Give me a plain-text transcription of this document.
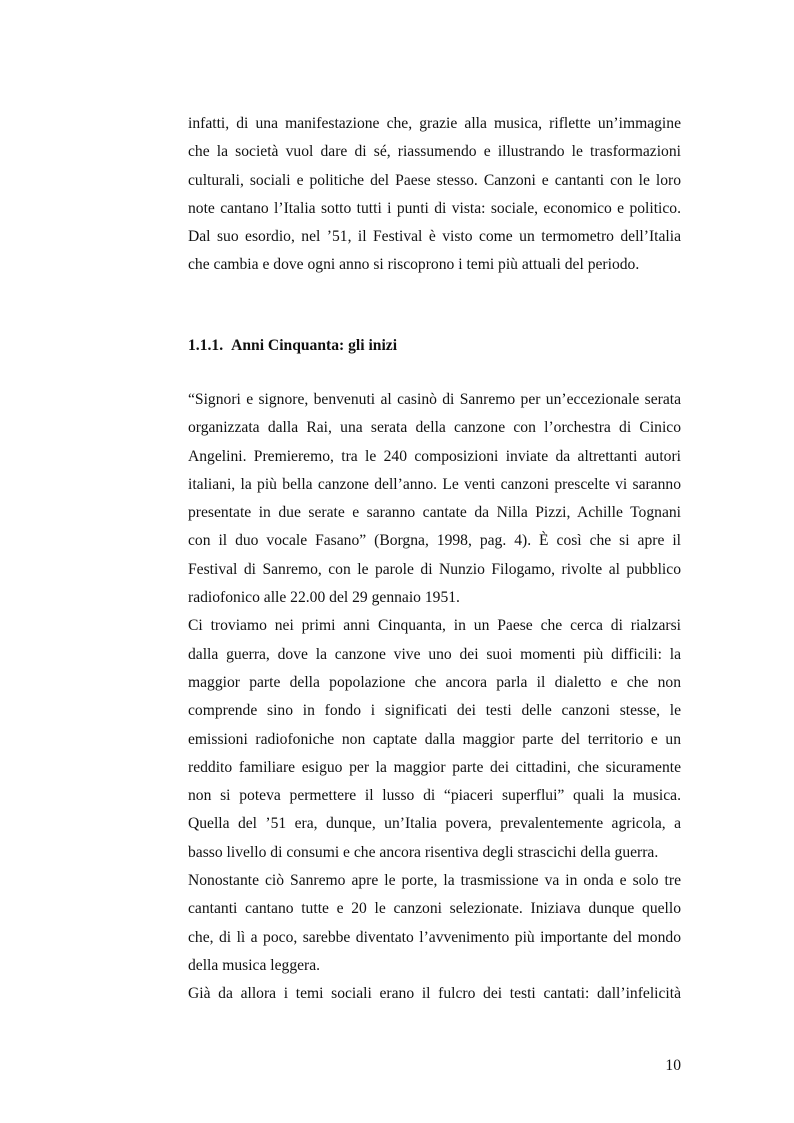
infatti, di una manifestazione che, grazie alla musica, riflette un’immagine
che la società vuol dare di sé, riassumendo e illustrando le trasformazioni
culturali, sociali e politiche del Paese stesso. Canzoni e cantanti con le loro
note cantano l’Italia sotto tutti i punti di vista: sociale, economico e politico.
Dal suo esordio, nel ’51, il Festival è visto come un termometro dell’Italia
che cambia e dove ogni anno si riscoprono i temi più attuali del periodo.
1.1.1. Anni Cinquanta: gli inizi
“Signori e signore, benvenuti al casinò di Sanremo per un’eccezionale serata
organizzata dalla Rai, una serata della canzone con l’orchestra di Cinico
Angelini. Premieremo, tra le 240 composizioni inviate da altrettanti autori
italiani, la più bella canzone dell’anno. Le venti canzoni prescelte vi saranno
presentate in due serate e saranno cantate da Nilla Pizzi, Achille Tognani
con il duo vocale Fasano” (Borgna, 1998, pag. 4). È così che si apre il
Festival di Sanremo, con le parole di Nunzio Filogamo, rivolte al pubblico
radiofonico alle 22.00 del 29 gennaio 1951.
Ci troviamo nei primi anni Cinquanta, in un Paese che cerca di rialzarsi
dalla guerra, dove la canzone vive uno dei suoi momenti più difficili: la
maggior parte della popolazione che ancora parla il dialetto e che non
comprende sino in fondo i significati dei testi delle canzoni stesse, le
emissioni radiofoniche non captate dalla maggior parte del territorio e un
reddito familiare esiguo per la maggior parte dei cittadini, che sicuramente
non si poteva permettere il lusso di “piaceri superflui” quali la musica.
Quella del ’51 era, dunque, un’Italia povera, prevalentemente agricola, a
basso livello di consumi e che ancora risentiva degli strascichi della guerra.
Nonostante ciò Sanremo apre le porte, la trasmissione va in onda e solo tre
cantanti cantano tutte e 20 le canzoni selezionate. Iniziava dunque quello
che, di lì a poco, sarebbe diventato l’avvenimento più importante del mondo
della musica leggera.
Già da allora i temi sociali erano il fulcro dei testi cantati: dall’infelicità
10
